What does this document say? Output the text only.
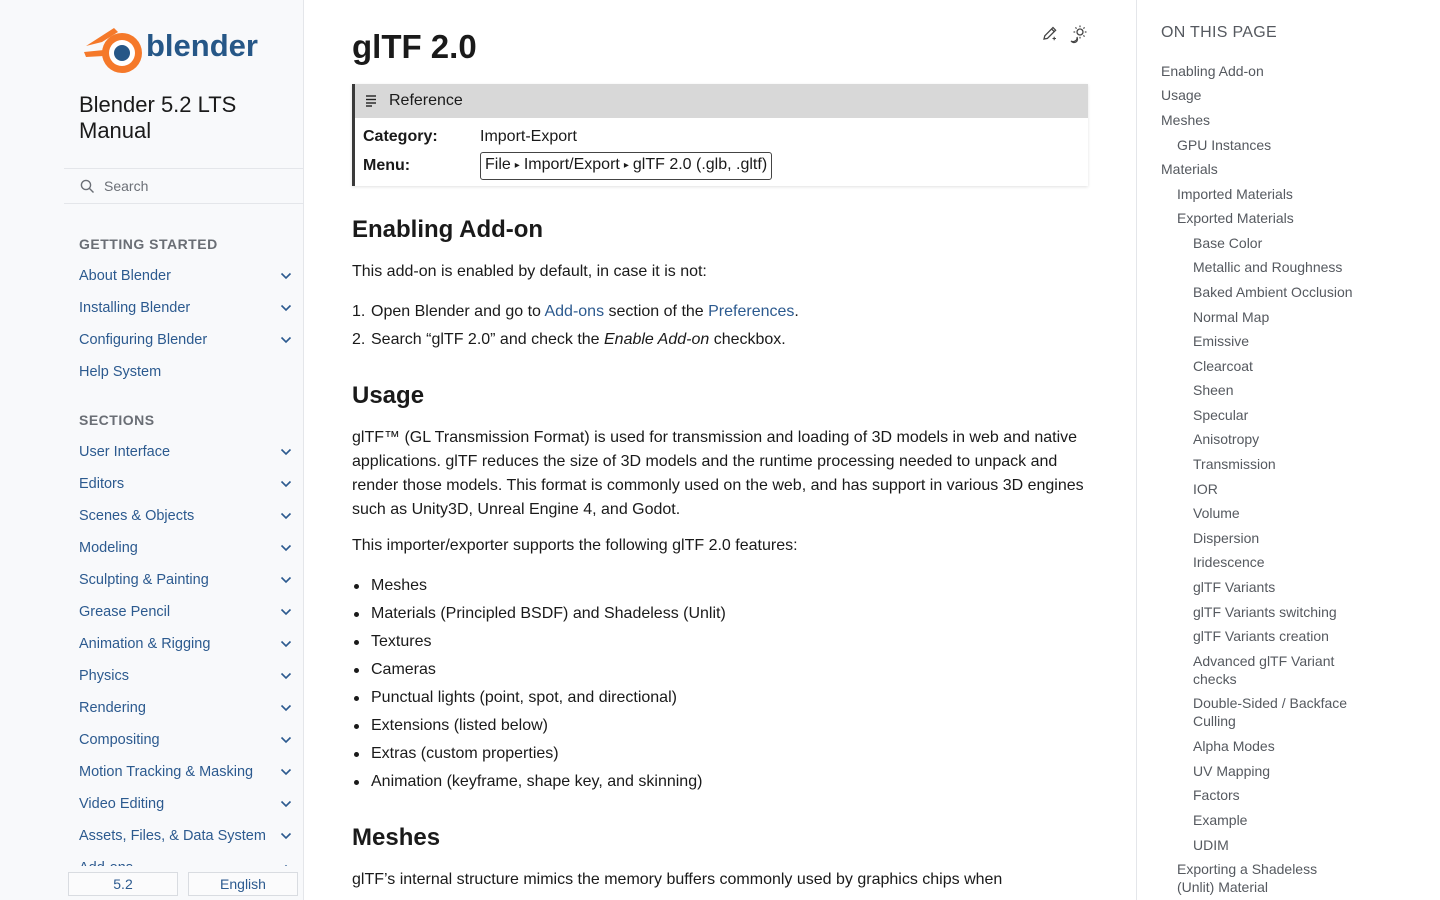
blender
Blender 5.2 LTS Manual
Search
GETTING STARTED
About Blender
Installing Blender
Configuring Blender
Help System
SECTIONS
User Interface
Editors
Scenes & Objects
Modeling
Sculpting & Painting
Grease Pencil
Animation & Rigging
Physics
Rendering
Compositing
Motion Tracking & Masking
Video Editing
Assets, Files, & Data System
5.2	English
glTF 2.0
Reference
Category:	Import-Export
Menu:	File ▸ Import/Export ▸ glTF 2.0 (.glb, .gltf)
Enabling Add-on

This add-on is enabled by default, in case it is not:

1. Open Blender and go to Add-ons section of the Preferences.
2. Search “glTF 2.0” and check the Enable Add-on checkbox.
Usage

glTF™ (GL Transmission Format) is used for transmission and loading of 3D models in web and native applications. glTF reduces the size of 3D models and the runtime processing needed to unpack and render those models. This format is commonly used on the web, and has support in various 3D engines such as Unity3D, Unreal Engine 4, and Godot.

This importer/exporter supports the following glTF 2.0 features:

Meshes
Materials (Principled BSDF) and Shadeless (Unlit)
Textures
Cameras
Punctual lights (point, spot, and directional)
Extensions (listed below)
Extras (custom properties)
Animation (keyframe, shape key, and skinning)
Meshes

glTF’s internal structure mimics the memory buffers commonly used by graphics chips when

ON THIS PAGE
Enabling Add-on
Usage
Meshes
GPU Instances
Materials
Imported Materials
Exported Materials
Base Color
Metallic and Roughness
Baked Ambient Occlusion
Normal Map
Emissive
Clearcoat
Sheen
Specular
Anisotropy
Transmission
IOR
Volume
Dispersion
Iridescence
glTF Variants
glTF Variants switching
glTF Variants creation
Advanced glTF Variant checks
Double-Sided / Backface Culling
Alpha Modes
UV Mapping
Factors
Example
UDIM
Exporting a Shadeless (Unlit) Material
